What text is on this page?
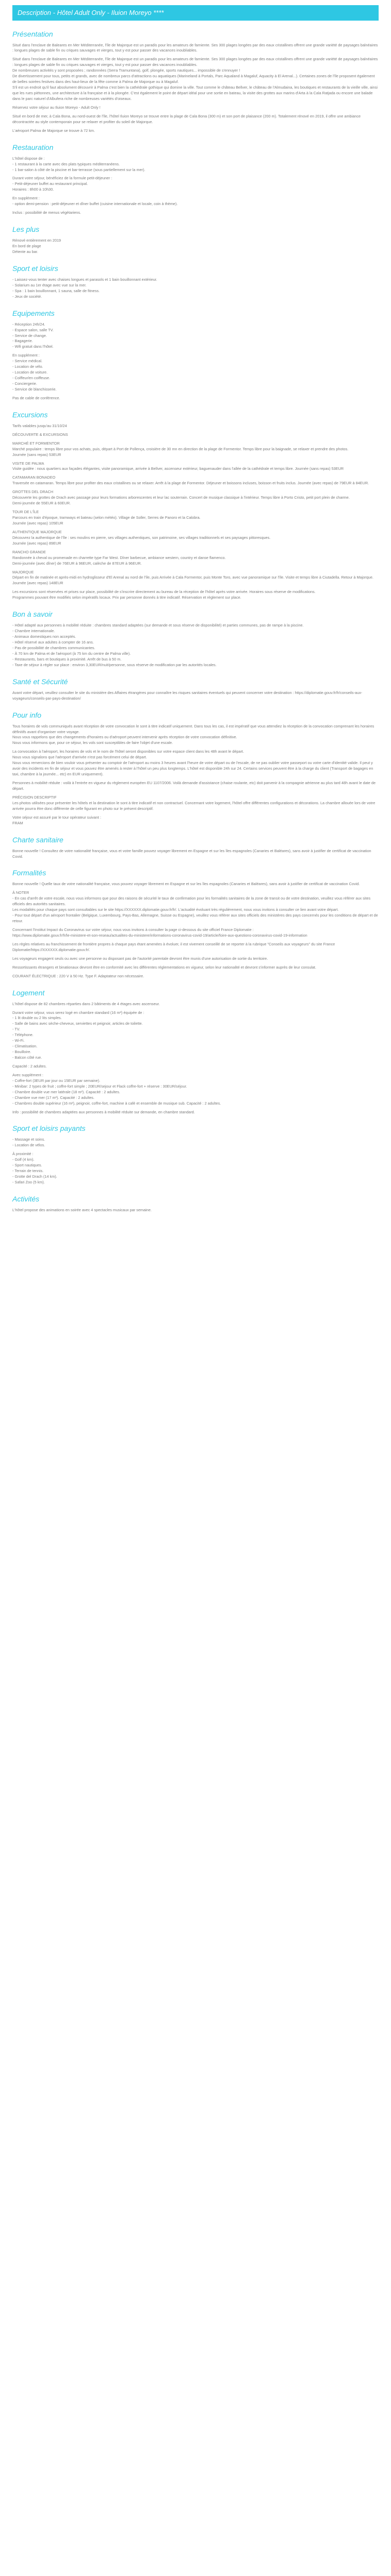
Description - Hôtel Adult Only - Iluion Moreyo ****
Présentation

Situé dans l'enclave de Baleares en Mer Méditerranée, l'île de Majorque est un paradis pour les amateurs de farniente. Ses 300 plages longées par des eaux cristallines offrent une grande variété de paysages balnéaires : longues plages de sable fin ou criques sauvages et vierges, tout y est pour passer des vacances inoubliables.

Situé dans l'enclave de Baleares en Mer Méditerranée, l'île de Majorque est un paradis pour les amateurs de farniente. Ses 300 plages longées par des eaux cristallines offrent une grande variété de paysages balnéaires : longues plages de sable fin ou criques sauvages et vierges, tout y est pour passer des vacances inoubliables.
De nombreuses activités y sont proposées ; randonnées (Serra Tramuntana), golf, plongée, sports nautiques... impossible de s'ennuyer !
De divertissement pour tous, petits et grands, avec de nombreux parcs d'attractions ou aquatiques (Marineland à Portals, Parc Aqualand à Magaluf, Aquacity à El Arenal...). Certaines zones de l'île proposent également de belles soirées festives dans des haut-lieux de la fête comme à Palma de Majorque ou à Magaluf.
S'il est un endroit qu'il faut absolument découvrir à Palma c'est bien la cathédrale gothique qui domine la ville. Tout comme le château Bellver, le château de l'Almudaina, les boutiques et restaurants de la vieille ville, ainsi que les rues piétonnes, une architecture à la française et à la plongée. C'est également le point de départ idéal pour une sortie en bateau, la visite des grottes aux marins d'Arta à la Cala Ratjada ou encore une balade dans le parc naturel d'Albufera riche de nombreuses variétés d'oiseaux.

Réservez votre séjour au Iluion Moreyo - Adult Only !

Situé en bord de mer, à Cala Bona, au nord-ouest de l'île, l'hôtel Iluion Moreyo se trouve entre la plage de Cala Bona (300 m) et son port de plaisance (200 m). Totalement rénové en 2019, il offre une ambiance décontractée au style contemporain pour se relaxer et profiter du soleil de Majorque.

L'aéroport Palma de Majorque se trouve à 72 km.

Restauration

L'hôtel dispose de :
- 1 restaurant à la carte avec des plats typiques méditerranéens.
- 1 bar-salon à côté de la piscine et bar-terrasse (sous partiellement sur la mer).

Durant votre séjour, bénéficiez de la formule petit-déjeuner :
- Petit-déjeuner buffet au restaurant principal.
Horaires : 8h00 à 10h30.

En supplément :
- option demi-pension : petit-déjeuner et dîner buffet (cuisine internationale et locale, coin à thème).

Inclus : possibilité de menus végétariens.

Les plus

Rénové entièrement en 2019
En bord de plage
Détente au bar.

Sport et loisirs

- Laissez-vous tenter avec chaises longues et parasols et 1 bain bouillonnant extérieur.
- Solarium au 1er étage avec vue sur la mer.
- Spa : 1 bain bouillonnant, 1 sauna, salle de fitness.
- Jeux de société.

Equipements

- Réception 24h/24.
- Espace salon, salle TV.
- Service de change.
- Bagagerie.
- Wifi gratuit dans l'hôtel.

En supplément :
- Service médical.
- Location de vélo.
- Location de voiture.
- Coiffeur/en coiffeuse.
- Conciergerie.
- Service de blanchisserie.

Pas de cable de conférence.

Excursions

Tarifs valables jusqu'au 31/10/24

DÉCOUVERTE & EXCURSIONS

MARCHÉ ET FORMENTOR
Marché populaire : temps libre pour vos achats, puis, départ à Port de Pollença, croisière de 30 mn en direction de la plage de Formentor. Temps libre pour la baignade, se relaxer et prendre des photos.
Journée (sans repas) 53EUR

VISITE DE PALMA
Visite guidée : nous quartiers aux façades élégantes, visite panoramique, arrivée à Bellver, ascenseur extérieur, baguenauder dans l'allée de la cathédrale et temps libre. Journée (sans repas) 53EUR

CATAMARAN BONADEO
Traversée en catamaran. Temps libre pour profiter des eaux cristallines ou se relaxer. Arrêt à la plage de Formentor. Déjeuner et boissons incluses, boisson et fruits inclus. Journée (avec repas) de 79EUR à 84EUR.

GROTTES DEL DRACH
Découverte les grottes de Drach avec passage pour leurs formations arborescentes et leur lac souterrain. Concert de musique classique à l'intérieur. Temps libre à Porto Cristo, petit port plein de charme.
Demi-journée de 55EUR à 60EUR.

TOUR DE L'ÎLE
Parcours en train d'époque, tramways et bateau (selon météo). Village de Soller, Serres de Panoro et la Calobra.
Journée (avec repas) 105EUR

AUTHENTIQUE MAJORQUE
Découvrez la authentique de l'île : ses moulins en pierre, ses villages authentiques, son patrimoine, ses villages traditionnels et ses paysages pittoresques.
Journée (avec repas) 89EUR

RANCHO GRANDE
Randonnée à cheval ou promenade en charrette type Far West. Dîner barbecue, ambiance western, country et danse flamenco.
Demi-journée (avec dîner) de 76EUR à 96EUR, calèche de 87EUR à 96EUR.

MAJORQUE
Départ en fin de matinée et après-midi en hydroglisseur d'El Arenal au nord de l'île, puis Arrivée à Cala Formentor, puis Monte Toro, avec vue panoramique sur l'île. Visite et temps libre à Ciutadella. Retour à Majorque.
Journée (avec repas) 148EUR

Les excursions sont réservées et prises sur place, possibilité de s'inscrire directement au bureau de la réception de l'hôtel après votre arrivée. Horaires sous réserve de modifications.
Programmes pouvant être modifiés selon impératifs locaux. Prix par personne donnés à titre indicatif. Réservation et règlement sur place.

Bon à savoir

- Hôtel adapté aux personnes à mobilité réduite : chambres standard adaptées (sur demande et sous réserve de disponibilité) et parties communes, pas de rampe à la piscine.
- Chambre internationale.
- Animaux domestiques non acceptés.
- Hôtel réservé aux adultes à compter de 16 ans.
- Pas de possibilité de chambres communicantes.
- À 70 km de Palma et de l'aéroport (à 75 km du centre de Palma ville).
- Restaurants, bars et boutiques à proximité. Arrêt de bus à 50 m.
- Taxe de séjour à régler sur place : environ 3,30EUR/nuit/personne, sous réserve de modification par les autorités locales.

Santé et Sécurité

Avant votre départ, veuillez consulter le site du ministère des Affaires étrangères pour connaître les risques sanitaires éventuels qui peuvent concerner votre destination : https://diplomatie.gouv.fr/fr/conseils-aux-voyageurs/conseils-par-pays-destination/

Pour info

Tous horaires de vols communiqués avant réception de votre convocation le sont à titre indicatif uniquement. Dans tous les cas, il est impératif que vous attendiez la réception de la convocation comprenant les horaires définitifs avant d'organiser votre voyage.
Nous vous rappelons que des changements d'horaires ou d'aéroport peuvent intervenir après réception de votre convocation définitive.
Nous vous informons que, pour ce séjour, les vols sont susceptibles de faire l'objet d'une escale.

La convocation à l'aéroport, les horaires de vols et le nom de l'hôtel seront disponibles sur votre espace client dans les 48h avant le départ.
Nous vous signalons que l'aéroport d'arrivée n'est pas forcément celui de départ.
Nous vous remercions de bien vouloir vous présenter au comptoir de l'aéroport au moins 3 heures avant l'heure de votre départ ou de l'escale, de ne pas oublier votre passeport ou votre carte d'identité valide. Il peut y avoir des incidents en fin de séjour et vous pouvez être amenés à rester à l'hôtel un peu plus longtemps. L'hôtel est disponible 24h sur 24. Certains services peuvent être à la charge du client (Transport de bagages en taxi, chambre à la journée... etc) en EUR uniquement).

Personnes à mobilité réduite : voilà à l'entrée en vigueur du règlement européen EU 1107/2006. Voilà demande d'assistance (chaise roulante, etc) doit parvenir à la compagnie aérienne au plus tard 48h avant le date de départ.

PRÉCISION DESCRIPTIF
Les photos utilisées pour présenter les hôtels et la destination le sont à titre indicatif et non contractuel. Concernant votre logement, l'hôtel offre différentes configurations et décorations. La chambre allouée lors de votre arrivée pourra être donc différente de celle figurant en photo sur le présent descriptif.

Votre séjour est assuré par le tour opérateur suivant :
FRAM

Charte sanitaire

Bonne nouvelle ! Consultez de votre nationalité française, vous et votre famille pouvez voyager librement en Espagne et sur les îles espagnoles (Canaries et Baléares), sans avoir à justifier de certificat de vaccination Covid.

Formalités

Bonne nouvelle ! Quelle taux de votre nationalité française, vous pouvez voyager librement en Espagne et sur les îles espagnoles (Canaries et Baléares), sans avoir à justifier de certificat de vaccination Covid.

À NOTER
- En cas d'arrêt de votre escale, nous vous informons que pour des raisons de sécurité le taux de confirmation pour les formalités sanitaires de la zone de transit ou de votre destination, veuillez vous référer aux sites officiels des autorités sanitaires.
Les modalités pour chaque pays sont consultables sur le site https://XXXXXX.diplomatie.gouv.fr/fr/. L'actualité évoluant très régulièrement, nous vous invitons à consulter ce lien avant votre départ.
- Pour tout départ d'un aéroport frontalier (Belgique, Luxembourg, Pays-Bas, Allemagne, Suisse ou Espagne), veuillez vous référer aux sites officiels des ministères des pays concernés pour les conditions de départ et de retour.

Concernant l'Institut Impact du Coronavirus sur votre séjour, nous vous invitons à consulter la page ci-dessous du site officiel France Diplomatie :
https://www.diplomatie.gouv.fr/fr/le-ministere-et-son-reseau/actualites-du-ministere/informations-coronavirus-covid-19/article/foire-aux-questions-coronavirus-covid-19-information

Les règles relatives au franchissement de frontière propres à chaque pays étant amenées à évoluer, il est vivement conseillé de se reporter à la rubrique "Conseils aux voyageurs" du site France Diplomatie/https://XXXXXX.diplomatie.gouv.fr/.

Les voyageurs engagent seuls ou avec une personne ou disposant pas de l'autorité parentale devront être munis d'une autorisation de sortie du territoire.

Ressortissants étrangers et binationaux devront être en conformité avec les différentes réglementations en vigueur, selon leur nationalité et devront s'informer auprès de leur consulat.

COURANT ÉLECTRIQUE : 220 V à 50 Hz. Type F. Adaptateur non nécessaire.

Logement

L'hôtel dispose de 82 chambres réparties dans 2 bâtiments de 4 étages avec ascenseur.

Durant votre séjour, vous serez logé en chambre standard (16 m²) équipée de :
- 1 lit double ou 2 lits simples.
- Salle de bains avec sèche-cheveux, serviettes et peignoir, articles de toilette.
- TV.
- Téléphone.
- Wi-Fi.
- Climatisation.
- Bouilloire.
- Balcon côté rue.

Capacité : 2 adultes.

Avec supplément :
- Coffre-fort (3EUR par jour ou 15EUR par semaine).
- Minibar: 2 types de fruit ; coffre-fort simple ; 20EUR/sejour et Flack coffre-fort + réserve : 30EUR/séjour.
- Chambre double vue mer latérale (18 m²). Capacité : 2 adultes.
- Chambre vue mer (17 m²). Capacité : 2 adultes.
- Chambres double supérieur (16 m²), peignoir, coffre-fort, machine à café et ensemble de musique sub. Capacité : 2 adultes.

Info : possibilité de chambres adaptées aux personnes à mobilité réduite sur demande, en chambre standard.

Sport et loisirs payants

- Massage et soins.
- Location de vélos.

À proximité :
- Golf (4 km).
- Sport nautiques.
- Terrain de tennis.
- Grotte del Drach (14 km).
- Safari Zoo (5 km).

Activités

L'hôtel propose des animations en soirée avec 4 spectacles musicaux par semaine.
